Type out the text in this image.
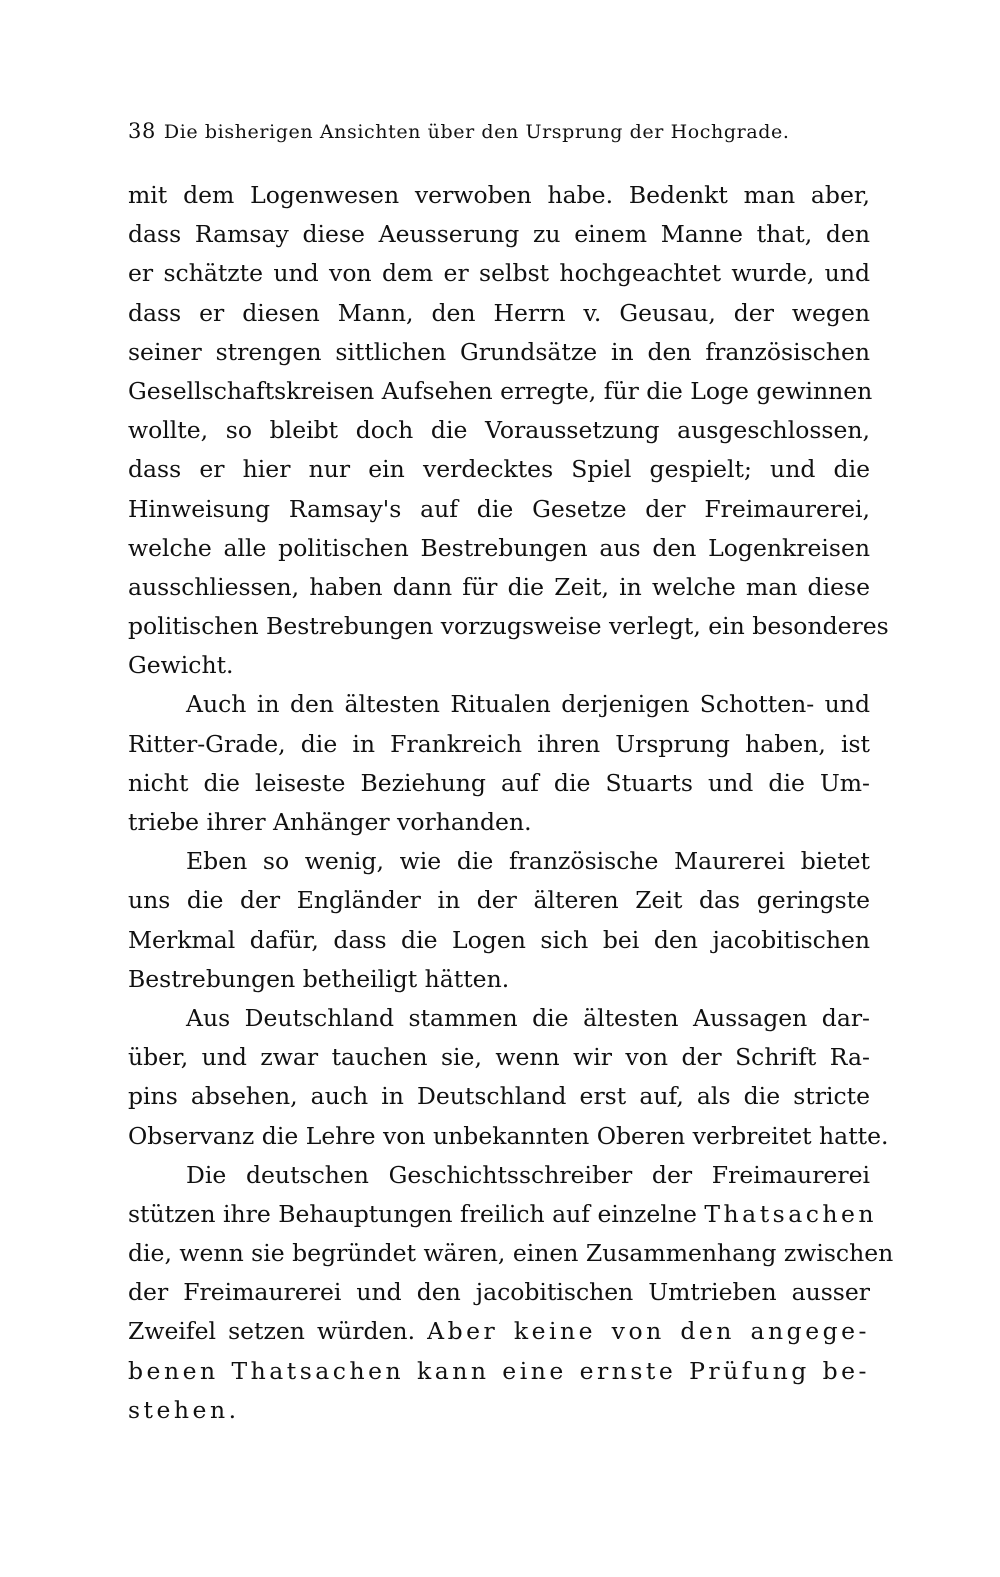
38 Die bisherigen Ansichten über den Ursprung der Hochgrade.
mit dem Logenwesen verwoben habe. Bedenkt man aber,
dass Ramsay diese Aeusserung zu einem Manne that, den
er schätzte und von dem er selbst hochgeachtet wurde, und
dass er diesen Mann, den Herrn v. Geusau, der wegen
seiner strengen sittlichen Grundsätze in den französischen
Gesellschaftskreisen Aufsehen erregte, für die Loge gewinnen
wollte, so bleibt doch die Voraussetzung ausgeschlossen,
dass er hier nur ein verdecktes Spiel gespielt; und die
Hinweisung Ramsay's auf die Gesetze der Freimaurerei,
welche alle politischen Bestrebungen aus den Logenkreisen
ausschliessen, haben dann für die Zeit, in welche man diese
politischen Bestrebungen vorzugsweise verlegt, ein besonderes
Gewicht.
Auch in den ältesten Ritualen derjenigen Schotten- und
Ritter-Grade, die in Frankreich ihren Ursprung haben, ist
nicht die leiseste Beziehung auf die Stuarts und die Um-
triebe ihrer Anhänger vorhanden.
Eben so wenig, wie die französische Maurerei bietet
uns die der Engländer in der älteren Zeit das geringste
Merkmal dafür, dass die Logen sich bei den jacobitischen
Bestrebungen betheiligt hätten.
Aus Deutschland stammen die ältesten Aussagen dar-
über, und zwar tauchen sie, wenn wir von der Schrift Ra-
pins absehen, auch in Deutschland erst auf, als die stricte
Observanz die Lehre von unbekannten Oberen verbreitet hatte.
Die deutschen Geschichtsschreiber der Freimaurerei
stützen ihre Behauptungen freilich auf einzelne Thatsachen
die, wenn sie begründet wären, einen Zusammenhang zwischen
der Freimaurerei und den jacobitischen Umtrieben ausser
Zweifel setzen würden. Aber keine von den angege-
benen Thatsachen kann eine ernste Prüfung be-
stehen.
